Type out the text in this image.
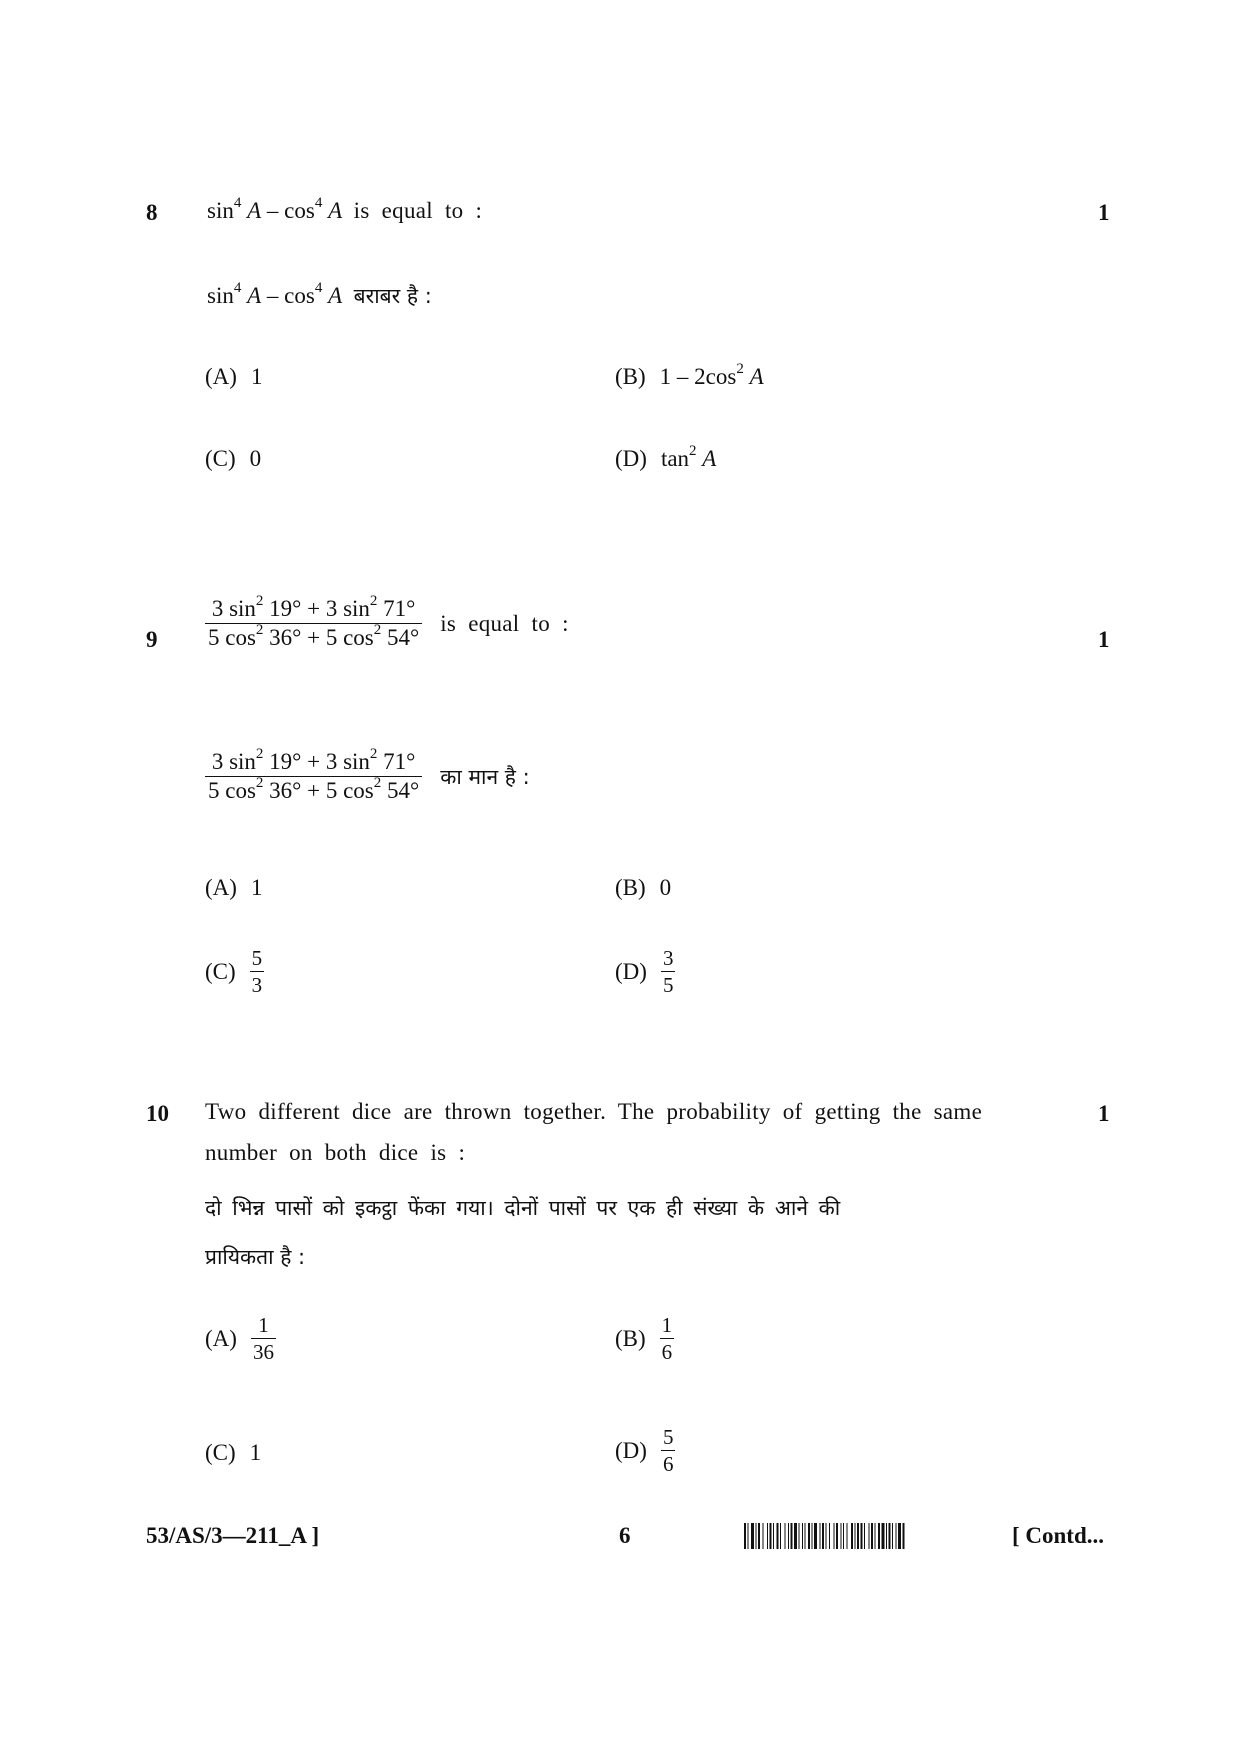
8	1
$\sin^4 A - \cos^4 A$ is equal to :
$\sin^4 A - \cos^4 A$ बराबर है :
(A) 1	(B) $1 - 2\cos^2$ A
(C) 0	(D) $\tan^2 A$
9	1
$\frac{3 \sin^2 19^\circ + 3 \sin^2 71^\circ}{5 \cos^2 36^\circ + 5 \cos^2 54^\circ}$ is equal to :
$\frac{3 \sin^2 19^\circ + 3 \sin^2 71^\circ}{5 \cos^2 36^\circ + 5 \cos^2 54^\circ}$ का मान है :
(A) 1	(B) 0
$(C) \frac{5}{3}$	$(D) \frac{3}{5}$
10	1
Two different dice are thrown together. The probability of getting the same
number on both dice is :
दो भिन्न पासों को इकट्ठा फेंका गया। दोनों पासों पर एक ही संख्या के आने की
प्रायिकता है :
$(A) \frac{1}{36}$	$(B) \frac{1}{6}$
(C) 1	$(D) \frac{5}{6}$
53/AS/3—211_A ]	6	[ Contd...
